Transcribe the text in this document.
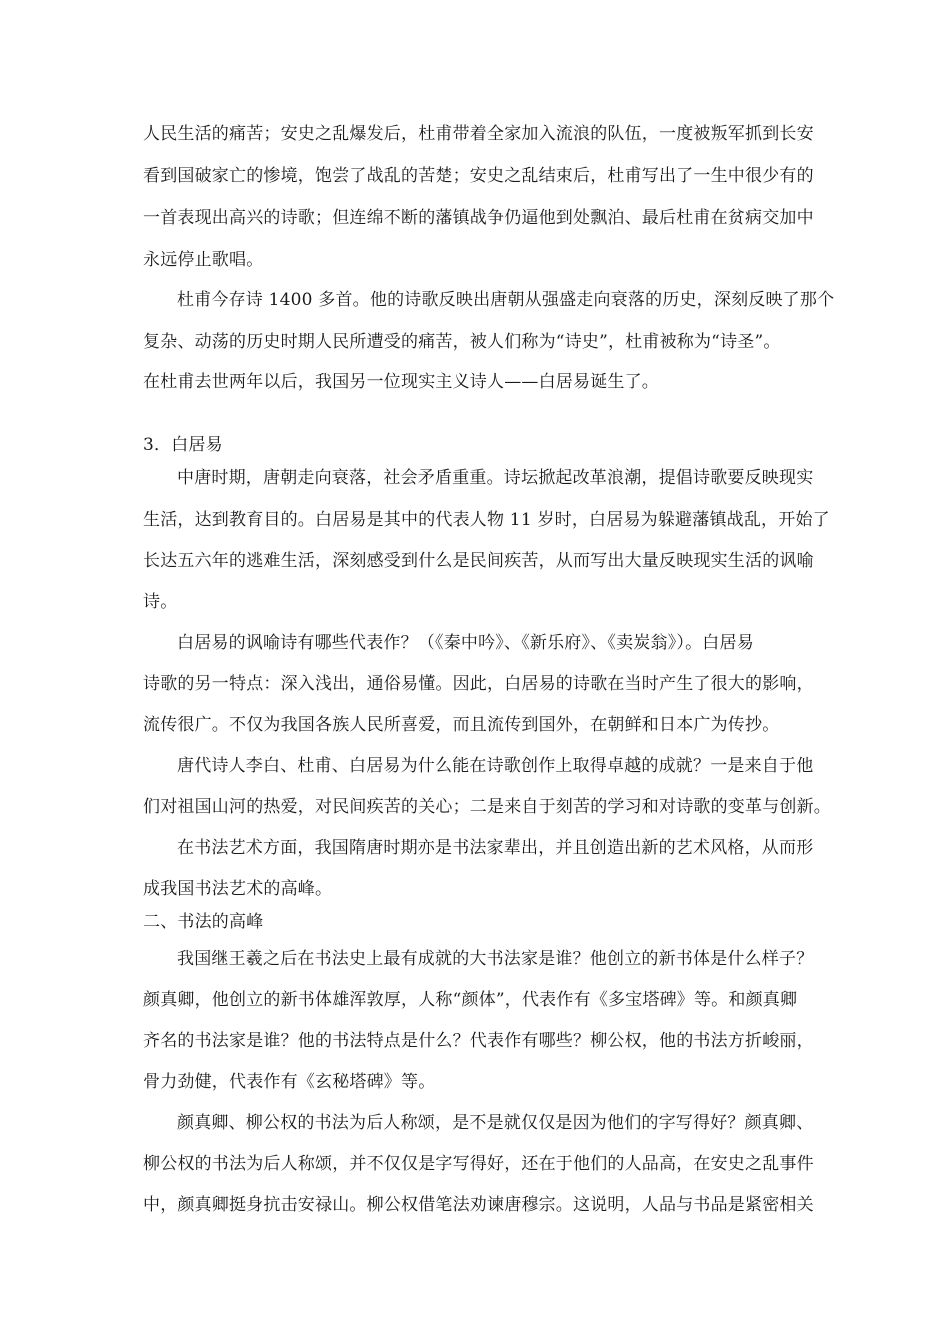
人民生活的痛苦；安史之乱爆发后，杜甫带着全家加入流浪的队伍，一度被叛军抓到长安
看到国破家亡的惨境，饱尝了战乱的苦楚；安史之乱结束后，杜甫写出了一生中很少有的
一首表现出高兴的诗歌；但连绵不断的藩镇战争仍逼他到处飘泊、最后杜甫在贫病交加中
永远停止歌唱。
杜甫今存诗 1400 多首。他的诗歌反映出唐朝从强盛走向衰落的历史，深刻反映了那个
复杂、动荡的历史时期人民所遭受的痛苦，被人们称为“诗史”，杜甫被称为“诗圣”。
在杜甫去世两年以后，我国另一位现实主义诗人——白居易诞生了。
3．白居易
中唐时期，唐朝走向衰落，社会矛盾重重。诗坛掀起改革浪潮，提倡诗歌要反映现实
生活，达到教育目的。白居易是其中的代表人物 11 岁时，白居易为躲避藩镇战乱，开始了
长达五六年的逃难生活，深刻感受到什么是民间疾苦，从而写出大量反映现实生活的讽喻
诗。
白居易的讽喻诗有哪些代表作？（《秦中吟》、《新乐府》、《卖炭翁》）。白居易
诗歌的另一特点：深入浅出，通俗易懂。因此，白居易的诗歌在当时产生了很大的影响，
流传很广。不仅为我国各族人民所喜爱，而且流传到国外，在朝鲜和日本广为传抄。
唐代诗人李白、杜甫、白居易为什么能在诗歌创作上取得卓越的成就？一是来自于他
们对祖国山河的热爱，对民间疾苦的关心；二是来自于刻苦的学习和对诗歌的变革与创新。
在书法艺术方面，我国隋唐时期亦是书法家辈出，并且创造出新的艺术风格，从而形
成我国书法艺术的高峰。
二、书法的高峰
我国继王羲之后在书法史上最有成就的大书法家是谁？他创立的新书体是什么样子？
颜真卿，他创立的新书体雄浑敦厚，人称“颜体”，代表作有《多宝塔碑》等。和颜真卿
齐名的书法家是谁？他的书法特点是什么？代表作有哪些？柳公权，他的书法方折峻丽，
骨力劲健，代表作有《玄秘塔碑》等。
颜真卿、柳公权的书法为后人称颂，是不是就仅仅是因为他们的字写得好？颜真卿、
柳公权的书法为后人称颂，并不仅仅是字写得好，还在于他们的人品高，在安史之乱事件
中，颜真卿挺身抗击安禄山。柳公权借笔法劝谏唐穆宗。这说明，人品与书品是紧密相关
